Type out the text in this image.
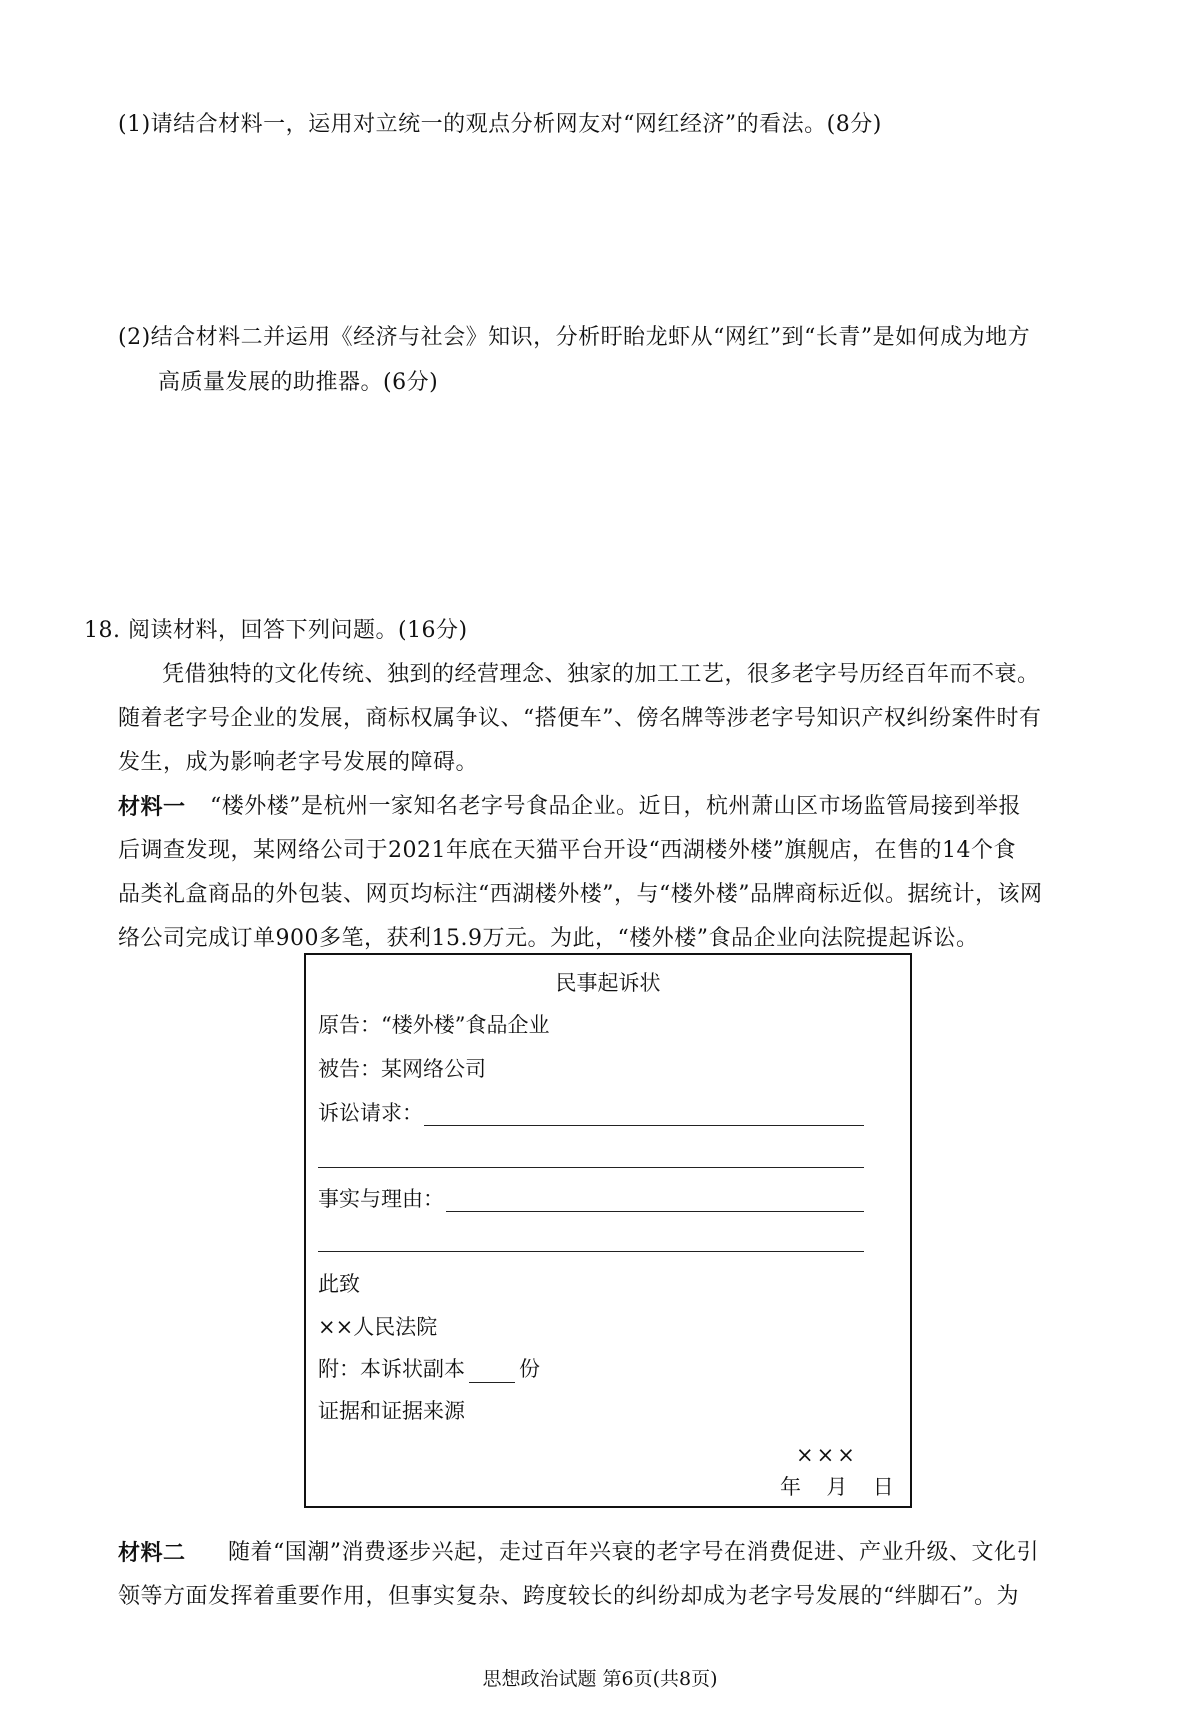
(1)请结合材料一，运用对立统一的观点分析网友对“网红经济”的看法。(8分)
(2)结合材料二并运用《经济与社会》知识，分析盱眙龙虾从“网红”到“长青”是如何成为地方
高质量发展的助推器。(6分)
18. 阅读材料，回答下列问题。(16分)
凭借独特的文化传统、独到的经营理念、独家的加工工艺，很多老字号历经百年而不衰。
随着老字号企业的发展，商标权属争议、“搭便车”、傍名牌等涉老字号知识产权纠纷案件时有
发生，成为影响老字号发展的障碍。
材料一 “楼外楼”是杭州一家知名老字号食品企业。近日，杭州萧山区市场监管局接到举报
后调查发现，某网络公司于2021年底在天猫平台开设“西湖楼外楼”旗舰店，在售的14个食
品类礼盒商品的外包装、网页均标注“西湖楼外楼”，与“楼外楼”品牌商标近似。据统计，该网
络公司完成订单900多笔，获利15.9万元。为此，“楼外楼”食品企业向法院提起诉讼。
民事起诉状
原告：“楼外楼”食品企业
被告：某网络公司
诉讼请求：
事实与理由：
此致
××人民法院
附：本诉状副本	份
证据和证据来源
×××
年  月  日
材料二 随着“国潮”消费逐步兴起，走过百年兴衰的老字号在消费促进、产业升级、文化引
领等方面发挥着重要作用，但事实复杂、跨度较长的纠纷却成为老字号发展的“绊脚石”。为
思想政治试题 第6页(共8页)
